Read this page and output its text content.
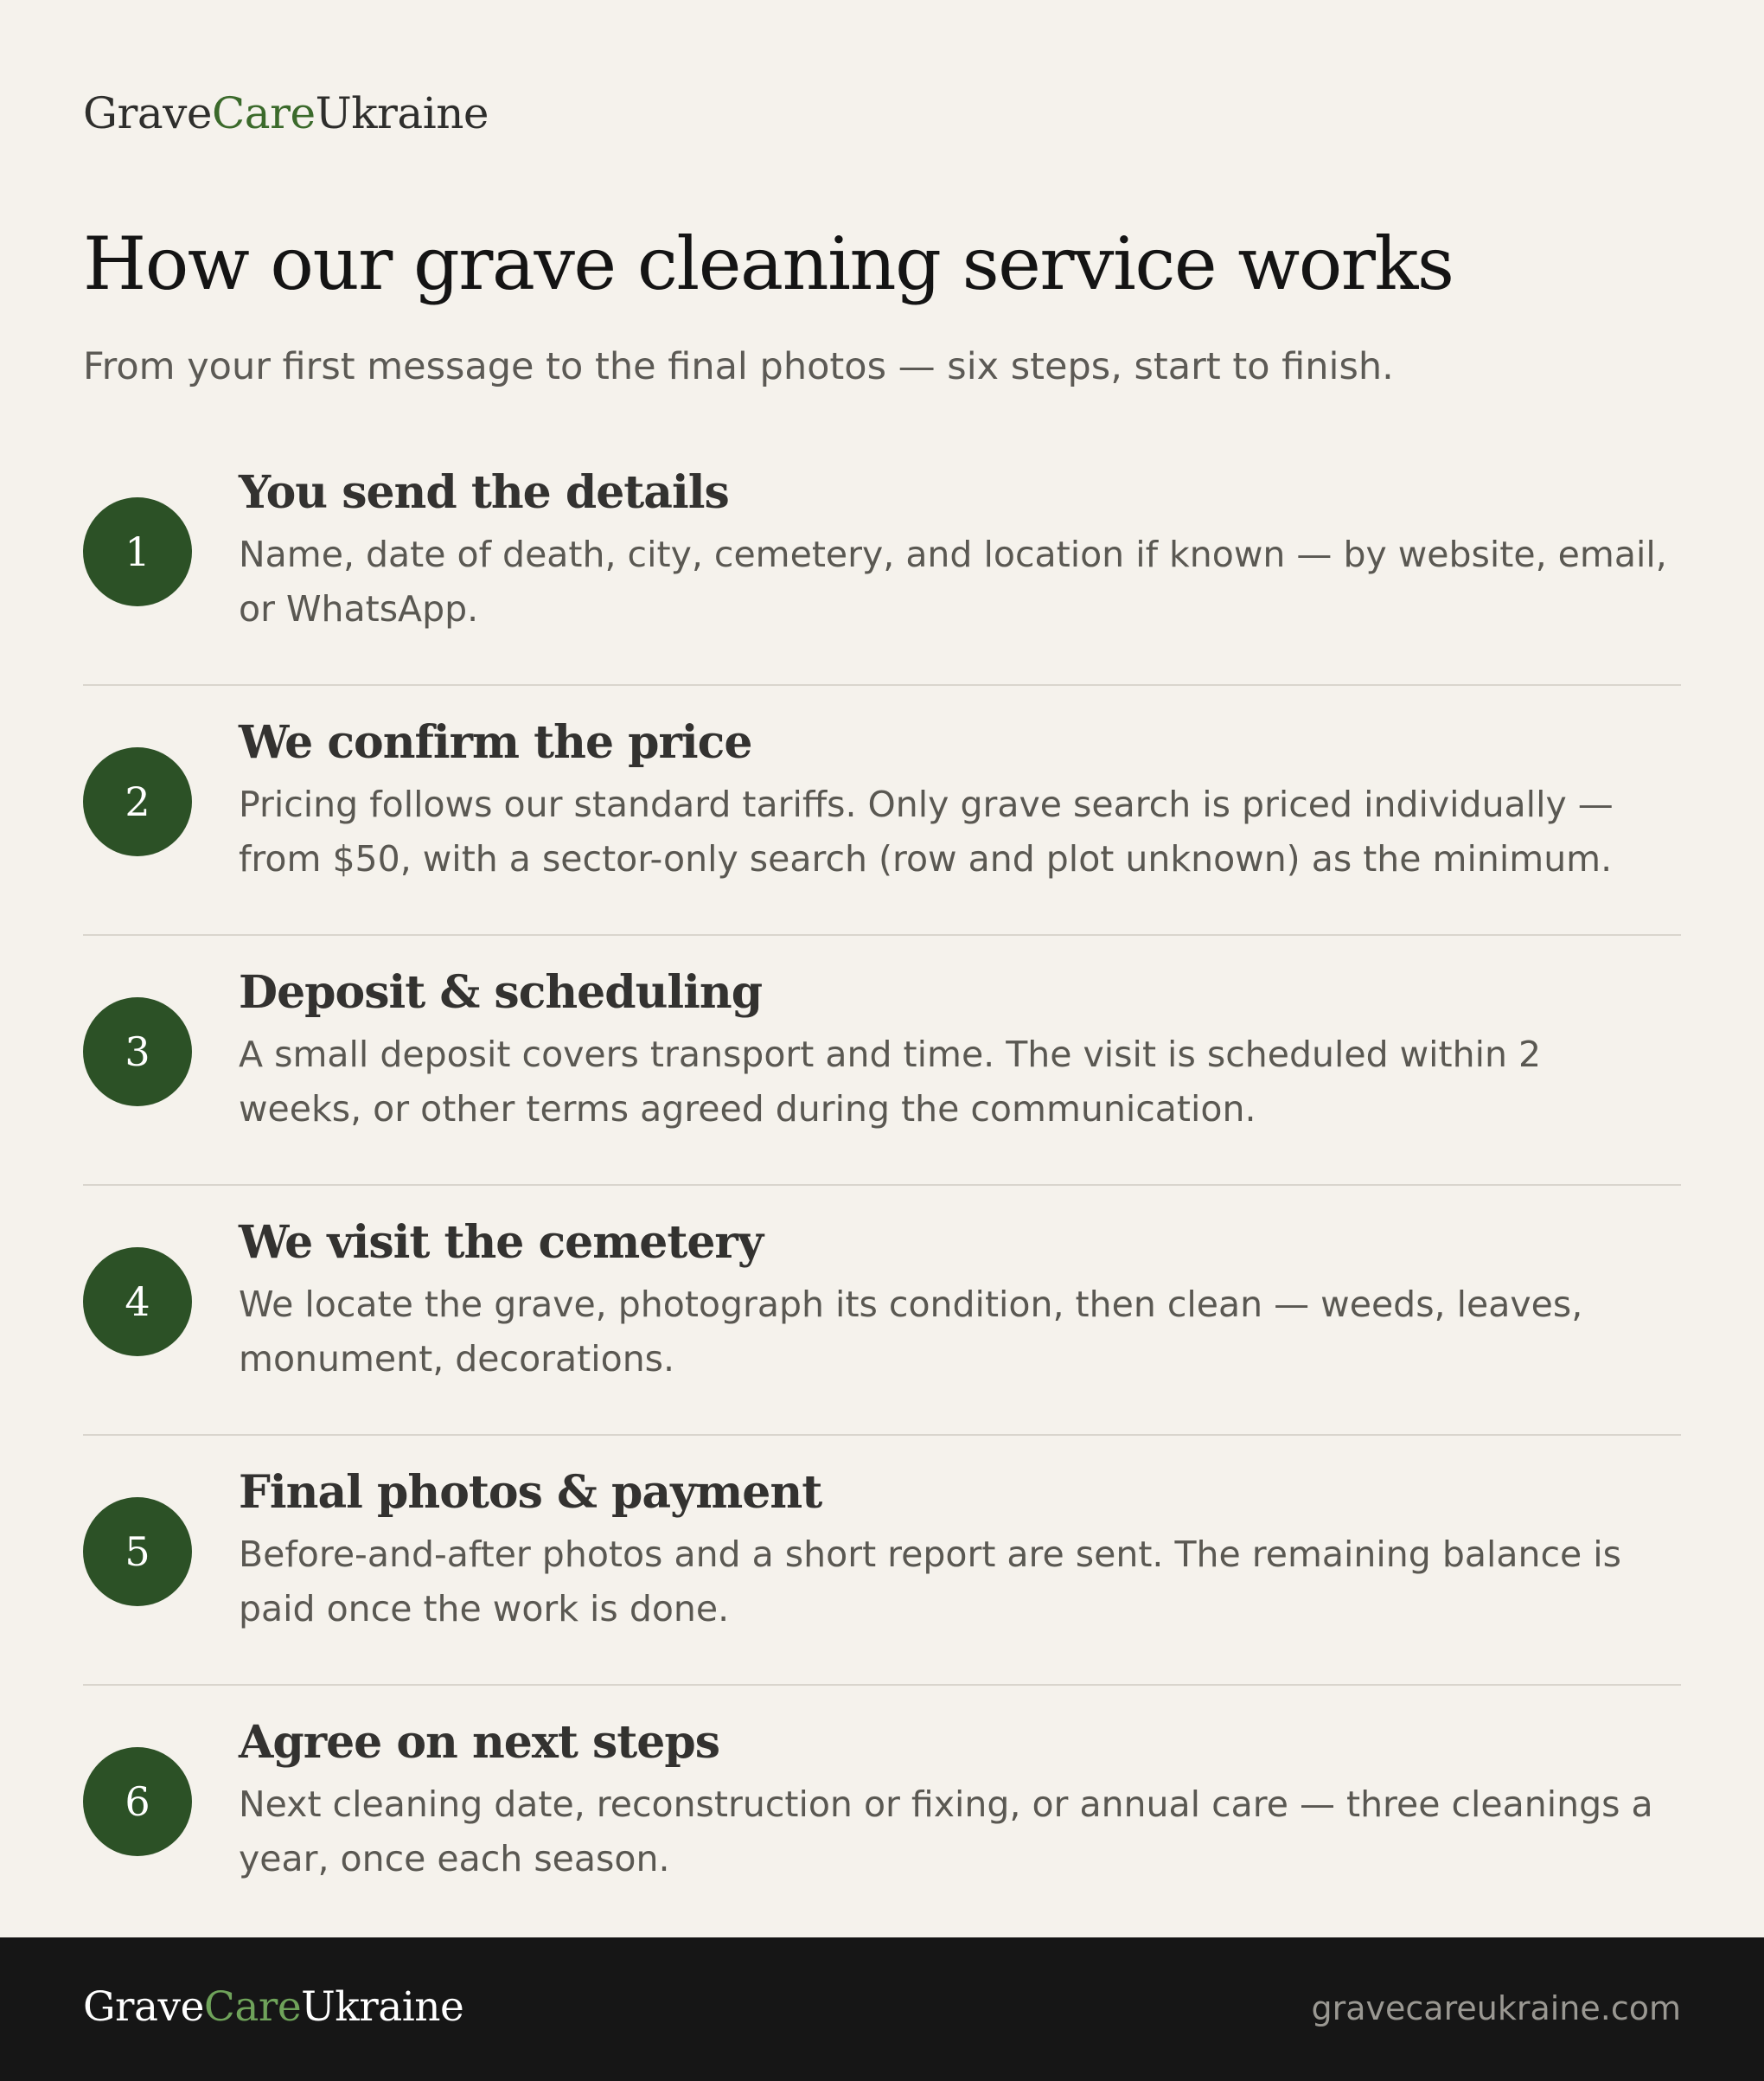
GraveCareUkraine
How our grave cleaning service works

From your first message to the final photos — six steps, start to finish.

1
You send the details

Name, date of death, city, cemetery, and location if known — by website, email, or WhatsApp.

2
We confirm the price

Pricing follows our standard tariffs. Only grave search is priced individually — from $50, with a sector-only search (row and plot unknown) as the minimum.

3
Deposit & scheduling

A small deposit covers transport and time. The visit is scheduled within 2 weeks, or other terms agreed during the communication.

4
We visit the cemetery

We locate the grave, photograph its condition, then clean — weeds, leaves, monument, decorations.

5
Final photos & payment

Before-and-after photos and a short report are sent. The remaining balance is paid once the work is done.

6
Agree on next steps

Next cleaning date, reconstruction or fixing, or annual care — three cleanings a year, once each season.

GraveCareUkraine	gravecareukraine.com
